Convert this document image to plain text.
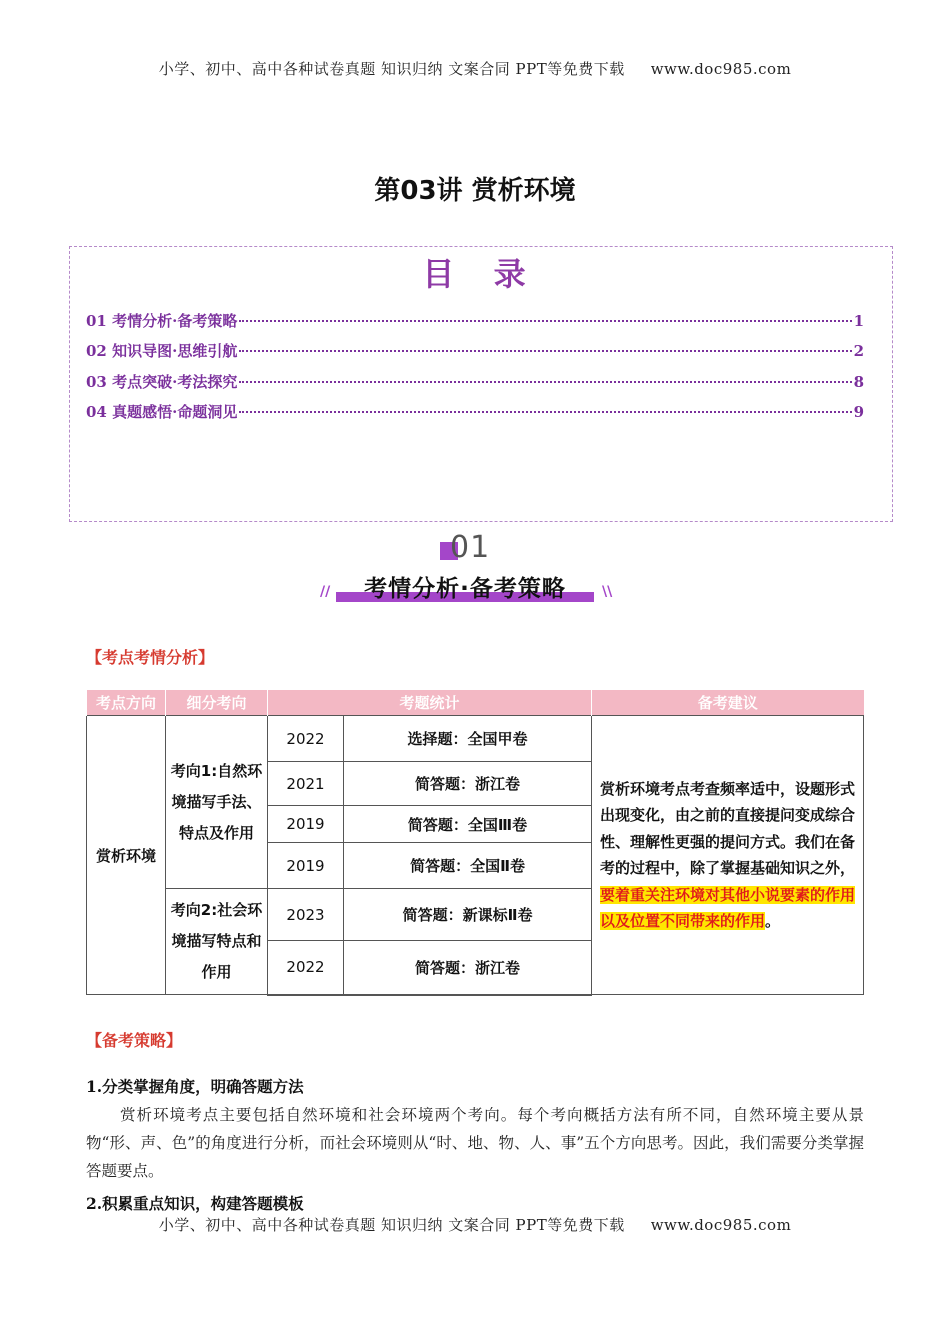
小学、初中、高中各种试卷真题 知识归纳 文案合同 PPT等免费下载 www.doc985.com
第03讲 赏析环境
目 录
01 考情分析·备考策略	1
02 知识导图·思维引航	2
03 考点突破·考法探究	8
04 真题感悟·命题洞见	9
01
考情分析·备考策略
//	\\
【考点考情分析】
考点方向	细分考向	考题统计		备考建议
赏析环境	考向1:自然环境描写手法、特点及作用	2022	选择题：全国甲卷	赏析环境考点考查频率适中，设题形式出现变化，由之前的直接提问变成综合性、理解性更强的提问方式。我们在备考的过程中，除了掌握基础知识之外，要着重关注环境对其他小说要素的作用以及位置不同带来的作用。
		2021	简答题：浙江卷	
		2019	简答题：全国Ⅲ卷	
		2019	简答题：全国Ⅱ卷	
	考向2:社会环境描写特点和作用	2023	简答题：新课标Ⅱ卷	
		2022	简答题：浙江卷	
【备考策略】
1.分类掌握角度，明确答题方法
赏析环境考点主要包括自然环境和社会环境两个考向。每个考向概括方法有所不同，自然环境主要从景物“形、声、色”的角度进行分析，而社会环境则从“时、地、物、人、事”五个方向思考。因此，我们需要分类掌握答题要点。
2.积累重点知识，构建答题模板
小学、初中、高中各种试卷真题 知识归纳 文案合同 PPT等免费下载 www.doc985.com
